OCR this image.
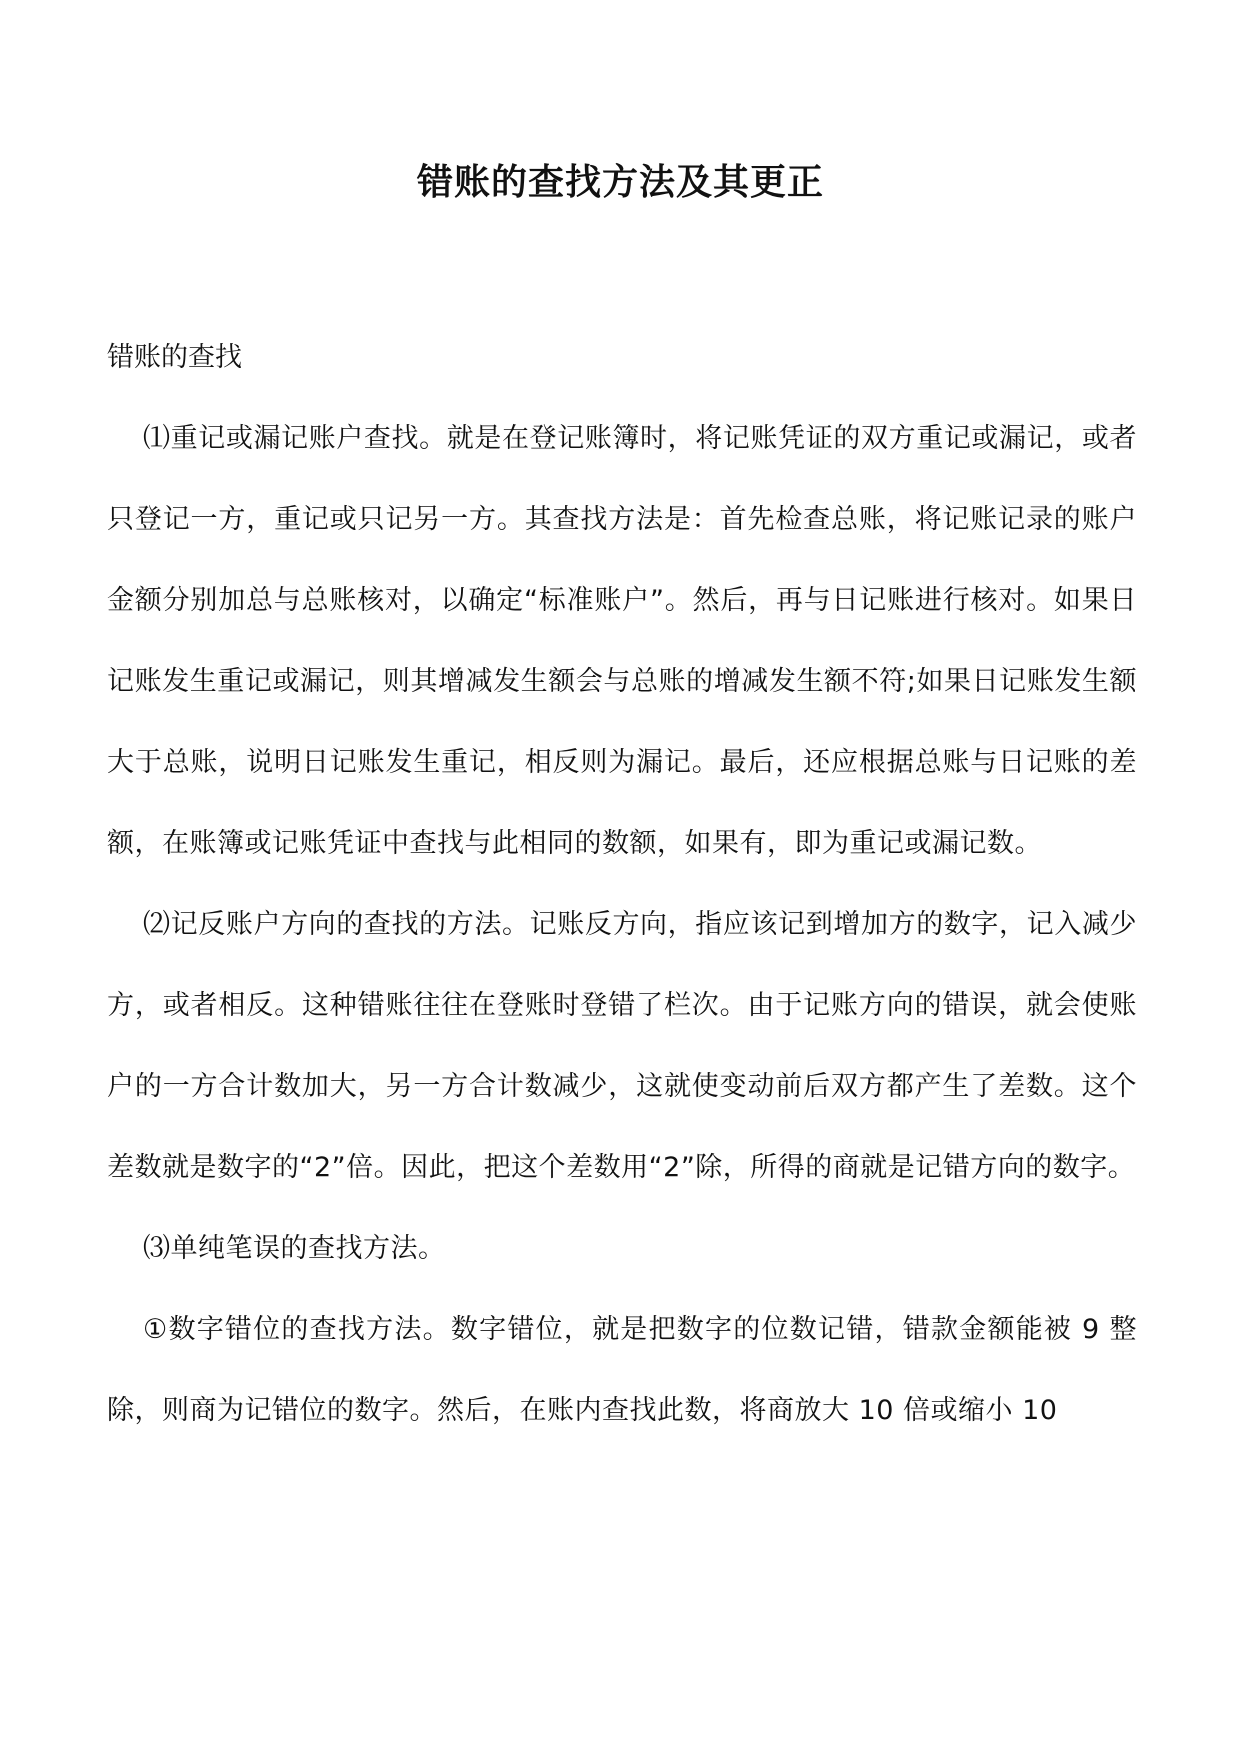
错账的查找方法及其更正

错账的查找

⑴重记或漏记账户查找。就是在登记账簿时，将记账凭证的双方重记或漏记，或者只登记一方，重记或只记另一方。其查找方法是：首先检查总账，将记账记录的账户金额分别加总与总账核对，以确定“标准账户”。然后，再与日记账进行核对。如果日记账发生重记或漏记，则其增减发生额会与总账的增减发生额不符;如果日记账发生额大于总账，说明日记账发生重记，相反则为漏记。最后，还应根据总账与日记账的差额，在账簿或记账凭证中查找与此相同的数额，如果有，即为重记或漏记数。

⑵记反账户方向的查找的方法。记账反方向，指应该记到增加方的数字，记入减少方，或者相反。这种错账往往在登账时登错了栏次。由于记账方向的错误，就会使账户的一方合计数加大，另一方合计数减少，这就使变动前后双方都产生了差数。这个差数就是数字的“2”倍。因此，把这个差数用“2”除，所得的商就是记错方向的数字。

⑶单纯笔误的查找方法。

①数字错位的查找方法。数字错位，就是把数字的位数记错，错款金额能被 9 整除，则商为记错位的数字。然后，在账内查找此数，将商放大 10 倍或缩小 10
